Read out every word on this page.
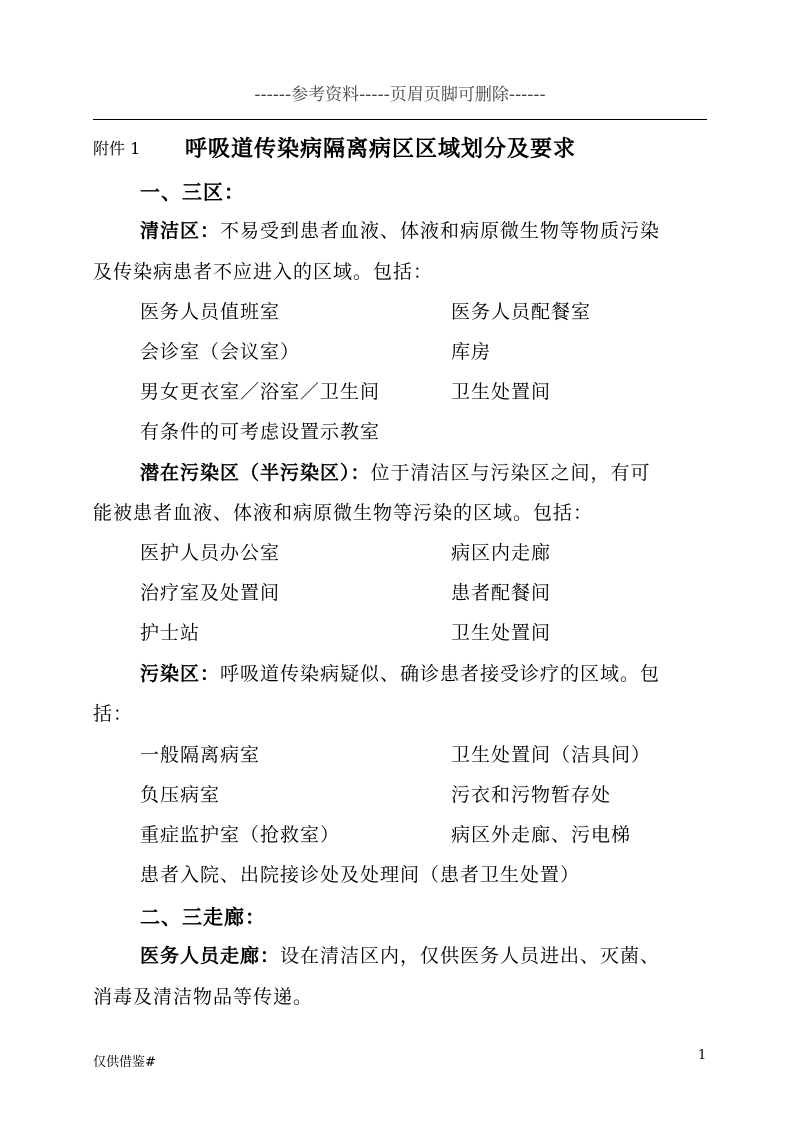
------参考资料-----页眉页脚可删除------
附件 1 呼吸道传染病隔离病区区域划分及要求
一、三区：
清洁区：不易受到患者血液、体液和病原微生物等物质污染
及传染病患者不应进入的区域。包括：
医务人员值班室	医务人员配餐室
会诊室（会议室）	库房
男女更衣室／浴室／卫生间	卫生处置间
有条件的可考虑设置示教室
潜在污染区（半污染区）：位于清洁区与污染区之间，有可
能被患者血液、体液和病原微生物等污染的区域。包括：
医护人员办公室	病区内走廊
治疗室及处置间	患者配餐间
护士站	卫生处置间
污染区：呼吸道传染病疑似、确诊患者接受诊疗的区域。包
括：
一般隔离病室	卫生处置间（洁具间）
负压病室	污衣和污物暂存处
重症监护室（抢救室）	病区外走廊、污电梯
患者入院、出院接诊处及处理间（患者卫生处置）
二、三走廊：
医务人员走廊：设在清洁区内，仅供医务人员进出、灭菌、
消毒及清洁物品等传递。
仅供借鉴#	1
